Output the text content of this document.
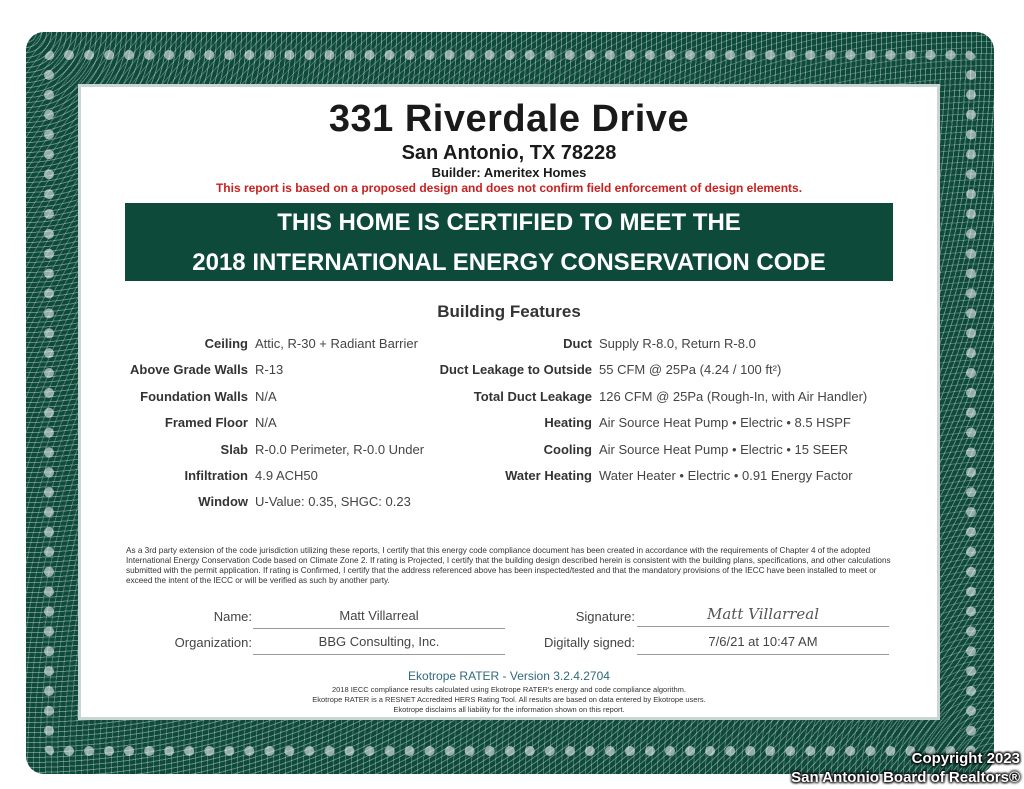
331 Riverdale Drive
San Antonio, TX 78228
Builder: Ameritex Homes
This report is based on a proposed design and does not confirm field enforcement of design elements.
THIS HOME IS CERTIFIED TO MEET THE
2018 INTERNATIONAL ENERGY CONSERVATION CODE
Building Features
Ceiling Attic, R-30 + Radiant Barrier
Above Grade Walls R-13
Foundation Walls N/A
Framed Floor N/A
Slab R-0.0 Perimeter, R-0.0 Under
Infiltration 4.9 ACH50
Window U-Value: 0.35, SHGC: 0.23
Duct Supply R-8.0, Return R-8.0
Duct Leakage to Outside 55 CFM @ 25Pa (4.24 / 100 ft²)
Total Duct Leakage 126 CFM @ 25Pa (Rough-In, with Air Handler)
Heating Air Source Heat Pump • Electric • 8.5 HSPF
Cooling Air Source Heat Pump • Electric • 15 SEER
Water Heating Water Heater • Electric • 0.91 Energy Factor
As a 3rd party extension of the code jurisdiction utilizing these reports, I certify that this energy code compliance document has been created in accordance with the requirements of Chapter 4 of the adopted International Energy Conservation Code based on Climate Zone 2. If rating is Projected, I certify that the building design described herein is consistent with the building plans, specifications, and other calculations submitted with the permit application. If rating is Confirmed, I certify that the address referenced above has been inspected/tested and that the mandatory provisions of the IECC have been installed to meet or exceed the intent of the IECC or will be verified as such by another party.
Name:	Matt Villarreal	Signature:	Matt Villarreal
Organization:	BBG Consulting, Inc.	Digitally signed:	7/6/21 at 10:47 AM
Ekotrope RATER - Version 3.2.4.2704
2018 IECC compliance results calculated using Ekotrope RATER's energy and code compliance algorithm.
Ekotrope RATER is a RESNET Accredited HERS Rating Tool. All results are based on data entered by Ekotrope users.
Ekotrope disclaims all liability for the information shown on this report.
Copyright 2023
San Antonio Board of Realtors®
